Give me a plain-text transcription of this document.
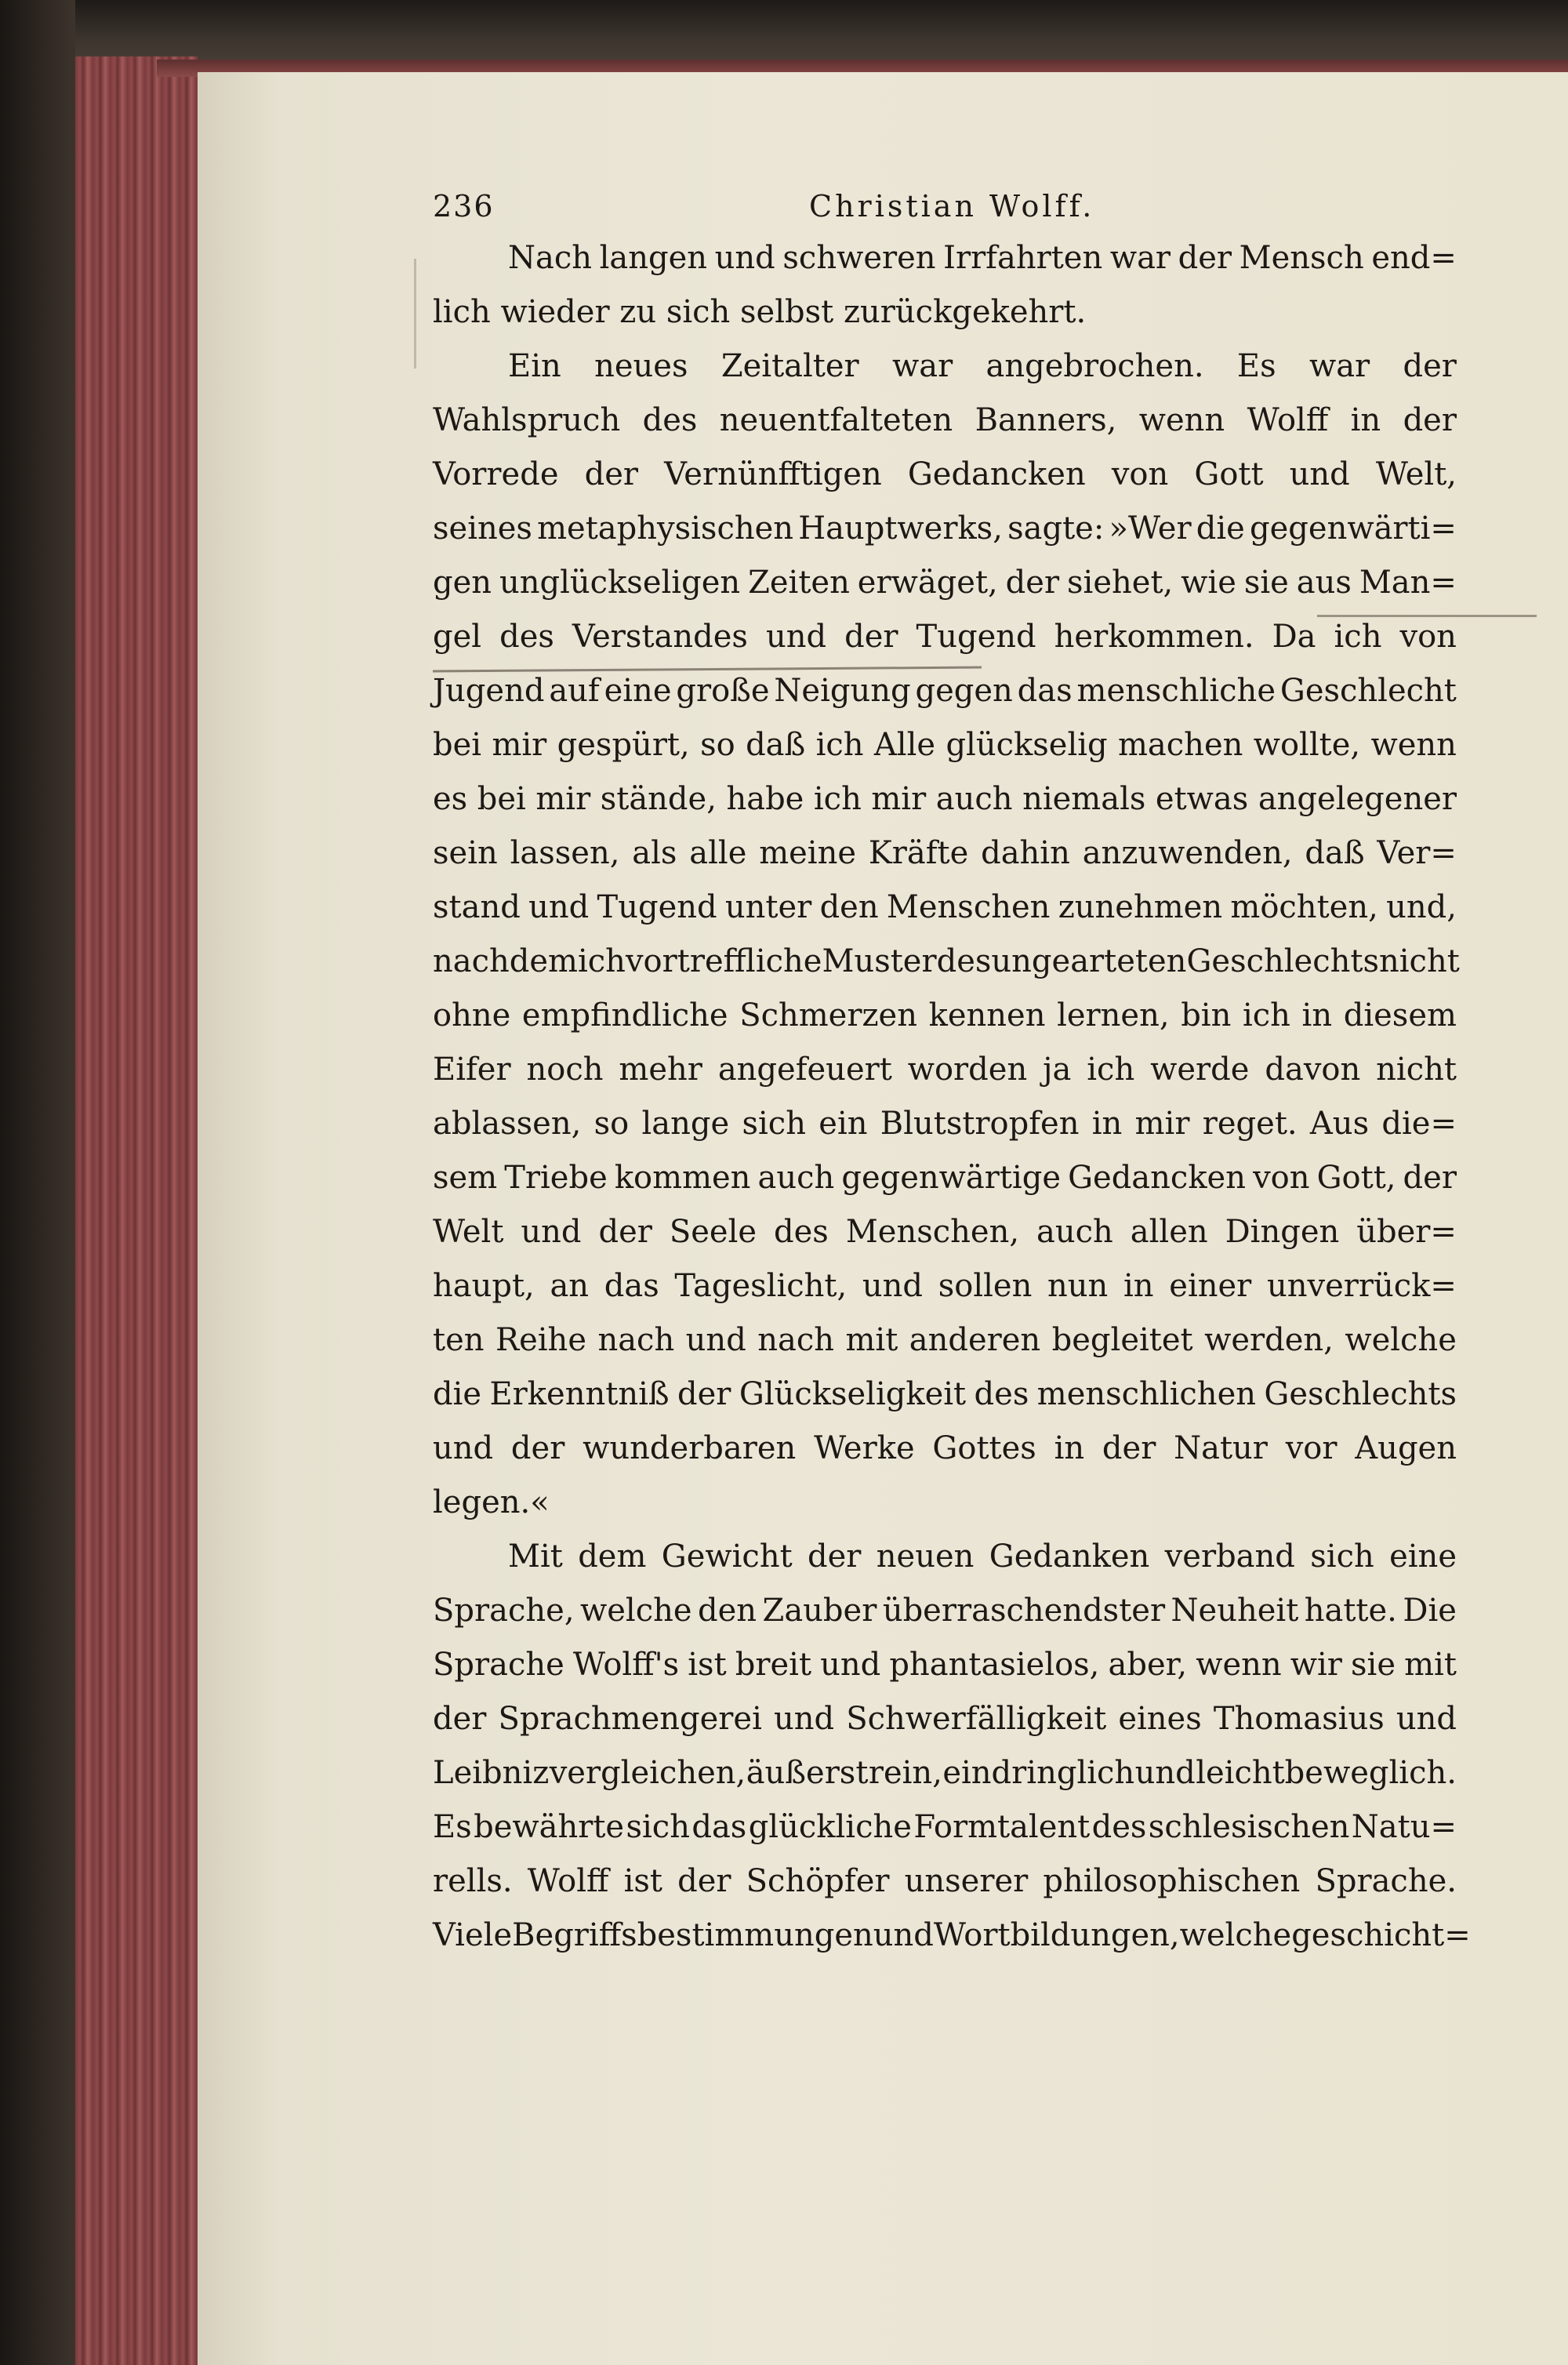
236	Christian Wolff.
Nach langen und schweren Irrfahrten war der Mensch end=
lich wieder zu sich selbst zurückgekehrt.
Ein neues Zeitalter war angebrochen. Es war der
Wahlspruch des neuentfalteten Banners, wenn Wolff in der
Vorrede der Vernünfftigen Gedancken von Gott und Welt,
seines metaphysischen Hauptwerks, sagte: »Wer die gegenwärti=
gen unglückseligen Zeiten erwäget, der siehet, wie sie aus Man=
gel des Verstandes und der Tugend herkommen. Da ich von
Jugend auf eine große Neigung gegen das menschliche Geschlecht
bei mir gespürt, so daß ich Alle glückselig machen wollte, wenn
es bei mir stände, habe ich mir auch niemals etwas angelegener
sein lassen, als alle meine Kräfte dahin anzuwenden, daß Ver=
stand und Tugend unter den Menschen zunehmen möchten, und,
nachdem ich vortreffliche Muster des ungearteten Geschlechts nicht
ohne empfindliche Schmerzen kennen lernen, bin ich in diesem
Eifer noch mehr angefeuert worden ja ich werde davon nicht
ablassen, so lange sich ein Blutstropfen in mir reget. Aus die=
sem Triebe kommen auch gegenwärtige Gedancken von Gott, der
Welt und der Seele des Menschen, auch allen Dingen über=
haupt, an das Tageslicht, und sollen nun in einer unverrück=
ten Reihe nach und nach mit anderen begleitet werden, welche
die Erkenntniß der Glückseligkeit des menschlichen Geschlechts
und der wunderbaren Werke Gottes in der Natur vor Augen
legen.«
Mit dem Gewicht der neuen Gedanken verband sich eine
Sprache, welche den Zauber überraschendster Neuheit hatte. Die
Sprache Wolff's ist breit und phantasielos, aber, wenn wir sie mit
der Sprachmengerei und Schwerfälligkeit eines Thomasius und
Leibniz vergleichen, äußerst rein, eindringlich und leichtbeweglich.
Es bewährte sich das glückliche Formtalent des schlesischen Natu=
rells. Wolff ist der Schöpfer unserer philosophischen Sprache.
Viele Begriffsbestimmungen und Wortbildungen, welche geschicht=
